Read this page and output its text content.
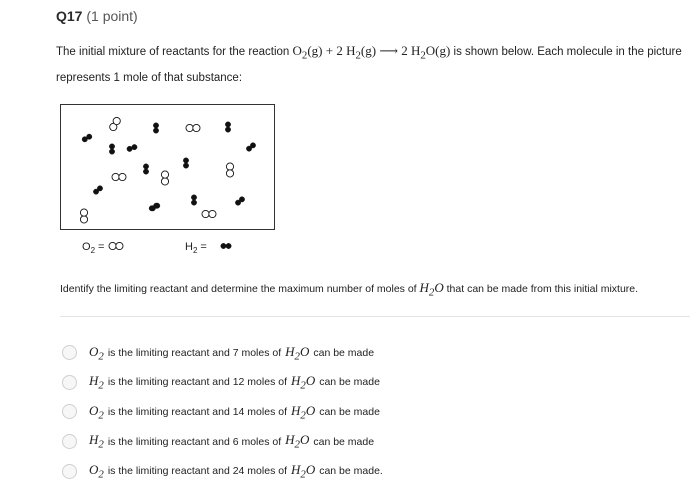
Q17 (1 point)
The initial mixture of reactants for the reaction $O_2(g) + 2$ $H_2(g)$ ⟶ 2 $H_2O(g)$ is shown below. Each molecule in the picture represents 1 mole of that substance:
$O_2$ =	$H_2$ =
Identify the limiting reactant and determine the maximum number of moles of $H_2O$ that can be made from this initial mixture.
$O_2$ is the limiting reactant and 7 moles of $H_2O$ can be made
$H_2$ is the limiting reactant and 12 moles of $H_2O$ can be made
$O_2$ is the limiting reactant and 14 moles of $H_2O$ can be made
$H_2$ is the limiting reactant and 6 moles of $H_2O$ can be made
$O_2$ is the limiting reactant and 24 moles of $H_2O$ can be made.
